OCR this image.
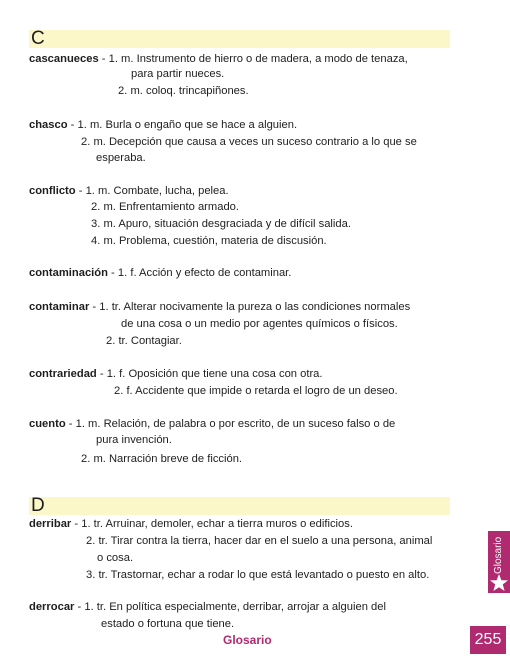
C
cascanueces - 1. m. Instrumento de hierro o de madera, a modo de tenaza,
para partir nueces.
2. m. coloq. trincapiñones.
chasco - 1. m. Burla o engaño que se hace a alguien.
2. m. Decepción que causa a veces un suceso contrario a lo que se
esperaba.
conflicto - 1. m. Combate, lucha, pelea.
2. m. Enfrentamiento armado.
3. m. Apuro, situación desgraciada y de difícil salida.
4. m. Problema, cuestión, materia de discusión.
contaminación - 1. f. Acción y efecto de contaminar.
contaminar - 1. tr. Alterar nocivamente la pureza o las condiciones normales
de una cosa o un medio por agentes químicos o físicos.
2. tr. Contagiar.
contrariedad - 1. f. Oposición que tiene una cosa con otra.
2. f. Accidente que impide o retarda el logro de un deseo.
cuento - 1. m. Relación, de palabra o por escrito, de un suceso falso o de
pura invención.
2. m. Narración breve de ficción.
D
derribar - 1. tr. Arruinar, demoler, echar a tierra muros o edificios.
2. tr. Tirar contra la tierra, hacer dar en el suelo a una persona, animal
o cosa.
3. tr. Trastornar, echar a rodar lo que está levantado o puesto en alto.
derrocar - 1. tr. En política especialmente, derribar, arrojar a alguien del
estado o fortuna que tiene.
Glosario
Glosario	255
